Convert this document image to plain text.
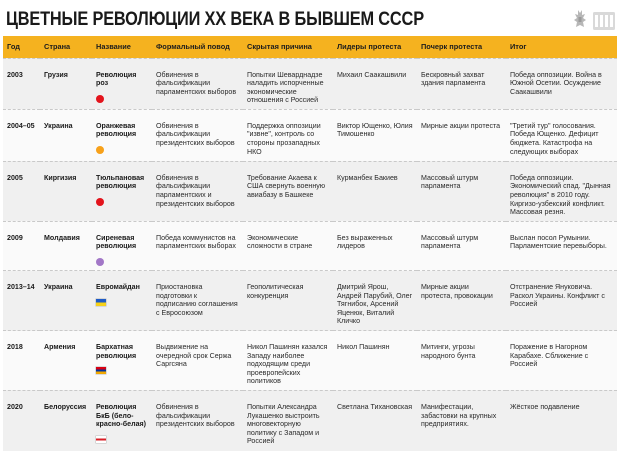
ЦВЕТНЫЕ РЕВОЛЮЦИИ XX ВЕКА В БЫВШЕМ СССР
Год	Страна	Название	Формальный повод	Скрытая причина	Лидеры протеста	Почерк протеста	Итог
2003	Грузия	Революция роз	Обвинения в фальсификации парламентских выборов	Попытки Шеварднадзе наладить испорченные экономические отношения с Россией	Михаил Саакашвили	Бескровный захват здания парламента	Победа оппозиции. Война в Южной Осетии. Осуждение Саакашвили
2004–05	Украина	Оранжевая революция	Обвинения в фальсификации президентских выборов	Поддержка оппозиции "извне", контроль со стороны прозападных НКО	Виктор Ющенко, Юлия Тимошенко	Мирные акции протеста	"Третий тур" голосования. Победа Ющенко. Дефицит бюджета. Катастрофа на следующих выборах
2005	Киргизия	Тюльпановая революция	Обвинения в фальсификации парламентских и президентских выборов	Требование Акаева к США свернуть военную авиабазу в Башкеке	Курманбек Бакиев	Массовый штурм парламента	Победа оппозиции. Экономический спад. "Дынная революция" в 2010 году. Киргизо-узбекский конфликт. Массовая резня.
2009	Молдавия	Сиреневая революция	Победа коммунистов на парламентских выборах	Экономические сложности в стране	Без выраженных лидеров	Массовый штурм парламента	Выслан посол Румынии. Парламентские перевыборы.
2013–14	Украина	Евромайдан	Приостановка подготовки к подписанию соглашения с Евросоюзом	Геополитическая конкуренция	Дмитрий Ярош, Андрей Парубий, Олег Тягнибок, Арсений Яценюк, Виталий Кличко	Мирные акции протеста, провокации	Отстранение Януковича. Раскол Украины. Конфликт с Россией
2018	Армения	Бархатная революция	Выдвижение на очередной срок Сержа Саргсяна	Никол Пашинян казался Западу наиболее подходящим среди проевропейских политиков	Никол Пашинян	Митинги, угрозы народного бунта	Поражение в Нагорном Карабахе. Сближение с Россией
2020	Белоруссия	Революция БкБ (бело-красно-белая)	Обвинения в фальсификации президентских выборов	Попытки Александра Лукашенко выстроить многовекторную политику с Западом и Россией	Светлана Тихановская	Манифестации, забастовки на крупных предприятиях.	Жёсткое подавление
